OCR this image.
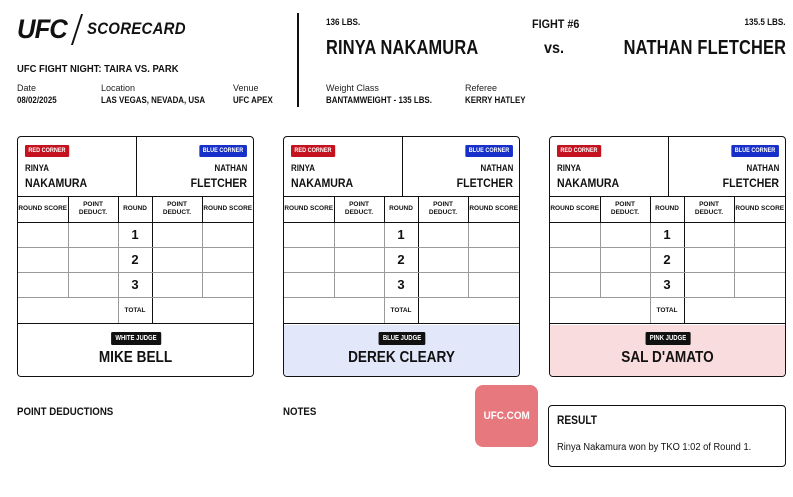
UFC SCORECARD
UFC FIGHT NIGHT: TAIRA VS. PARK
Date
08/02/2025
Location
LAS VEGAS, NEVADA, USA
Venue
UFC APEX
136 LBS.	FIGHT #6	135.5 LBS.
RINYA NAKAMURA	vs.	NATHAN FLETCHER
Weight Class
BANTAMWEIGHT - 135 LBS.
Referee
KERRY HATLEY
RED CORNER	BLUE CORNER
RINYA
NAKAMURA
NATHAN
FLETCHER
ROUND SCORE	POINT DEDUCT.	ROUND	POINT DEDUCT.	ROUND SCORE
		1		
		2		
		3		
		TOTAL		
WHITE JUDGE
MIKE BELL
RED CORNER	BLUE CORNER
RINYA
NAKAMURA
NATHAN
FLETCHER
ROUND SCORE	POINT DEDUCT.	ROUND	POINT DEDUCT.	ROUND SCORE
		1		
		2		
		3		
		TOTAL		
BLUE JUDGE
DEREK CLEARY
RED CORNER	BLUE CORNER
RINYA
NAKAMURA
NATHAN
FLETCHER
ROUND SCORE	POINT DEDUCT.	ROUND	POINT DEDUCT.	ROUND SCORE
		1		
		2		
		3		
		TOTAL		
PINK JUDGE
SAL D'AMATO
POINT DEDUCTIONS	NOTES	UFC.COM RESULT
Rinya Nakamura won by TKO 1:02 of Round 1.
